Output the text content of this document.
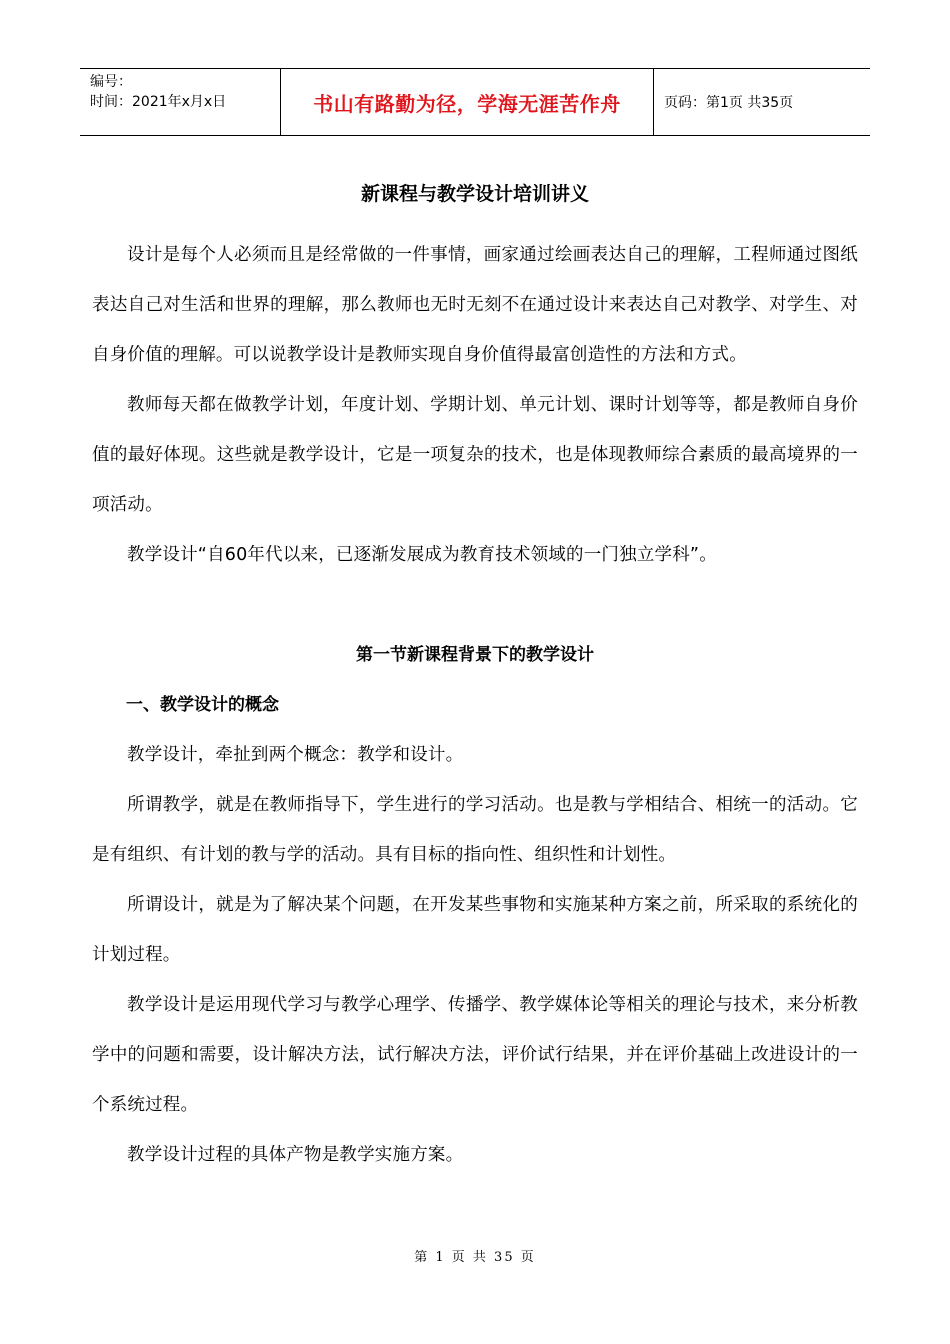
编号：
时间：2021年x月x日	书山有路勤为径，学海无涯苦作舟	页码：第1页 共35页
新课程与教学设计培训讲义

设计是每个人必须而且是经常做的一件事情，画家通过绘画表达自己的理解，工程师通过图纸表达自己对生活和世界的理解，那么教师也无时无刻不在通过设计来表达自己对教学、对学生、对自身价值的理解。可以说教学设计是教师实现自身价值得最富创造性的方法和方式。

教师每天都在做教学计划，年度计划、学期计划、单元计划、课时计划等等，都是教师自身价值的最好体现。这些就是教学设计，它是一项复杂的技术，也是体现教师综合素质的最高境界的一项活动。

教学设计“自60年代以来，已逐渐发展成为教育技术领域的一门独立学科”。

第一节新课程背景下的教学设计

一、教学设计的概念

教学设计，牵扯到两个概念：教学和设计。

所谓教学，就是在教师指导下，学生进行的学习活动。也是教与学相结合、相统一的活动。它是有组织、有计划的教与学的活动。具有目标的指向性、组织性和计划性。

所谓设计，就是为了解决某个问题，在开发某些事物和实施某种方案之前，所采取的系统化的计划过程。

教学设计是运用现代学习与教学心理学、传播学、教学媒体论等相关的理论与技术，来分析教学中的问题和需要，设计解决方法，试行解决方法，评价试行结果，并在评价基础上改进设计的一个系统过程。

教学设计过程的具体产物是教学实施方案。

第 1 页 共 35 页
